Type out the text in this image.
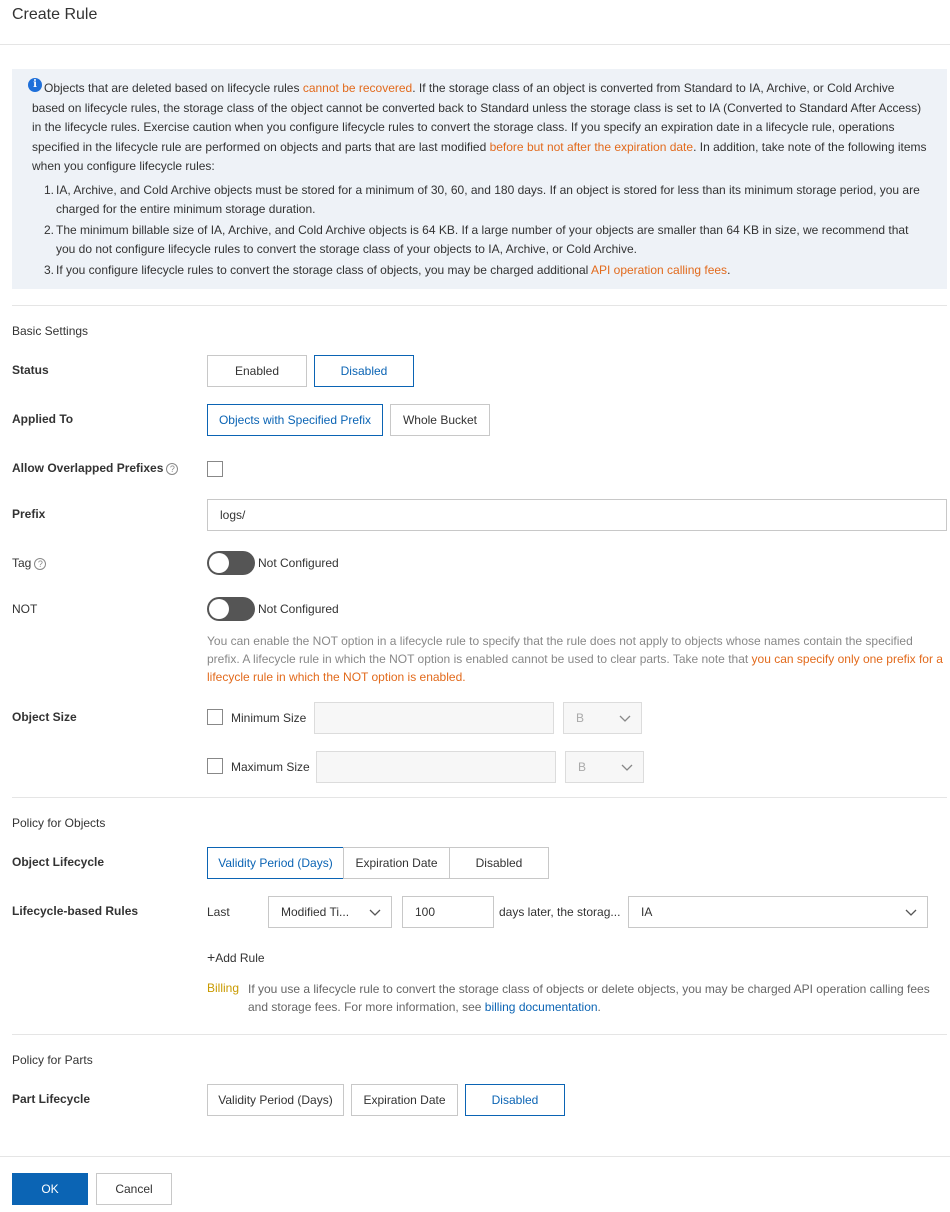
Create Rule
i Objects that are deleted based on lifecycle rules cannot be recovered. If the storage class of an object is converted from Standard to IA, Archive, or Cold Archive based on lifecycle rules, the storage class of the object cannot be converted back to Standard unless the storage class is set to IA (Converted to Standard After Access) in the lifecycle rules. Exercise caution when you configure lifecycle rules to convert the storage class. If you specify an expiration date in a lifecycle rule, operations specified in the lifecycle rule are performed on objects and parts that are last modified before but not after the expiration date. In addition, take note of the following items when you configure lifecycle rules:

1. IA, Archive, and Cold Archive objects must be stored for a minimum of 30, 60, and 180 days. If an object is stored for less than its minimum storage period, you are charged for the entire minimum storage duration.
2. The minimum billable size of IA, Archive, and Cold Archive objects is 64 KB. If a large number of your objects are smaller than 64 KB in size, we recommend that you do not configure lifecycle rules to convert the storage class of your objects to IA, Archive, or Cold Archive.
3. If you configure lifecycle rules to convert the storage class of objects, you may be charged additional API operation calling fees.
Basic Settings
Status	Enabled	Disabled
Applied To	Objects with Specified Prefix	Whole Bucket
Allow Overlapped Prefixes ?
Prefix	logs/
Tag ?	Not Configured
NOT	Not Configured
You can enable the NOT option in a lifecycle rule to specify that the rule does not apply to objects whose names contain the specified prefix. A lifecycle rule in which the NOT option is enabled cannot be used to clear parts. Take note that you can specify only one prefix for a lifecycle rule in which the NOT option is enabled.
Object Size	Minimum Size	B
Maximum Size	B
Policy for Objects
Object Lifecycle	Validity Period (Days)	Expiration Date	Disabled
Lifecycle-based Rules	Last	Modified Ti...	100	days later, the storag...	IA
+Add Rule
Billing If you use a lifecycle rule to convert the storage class of objects or delete objects, you may be charged API operation calling fees and storage fees. For more information, see billing documentation.
Policy for Parts
Part Lifecycle	Validity Period (Days)	Expiration Date	Disabled
OK	Cancel
